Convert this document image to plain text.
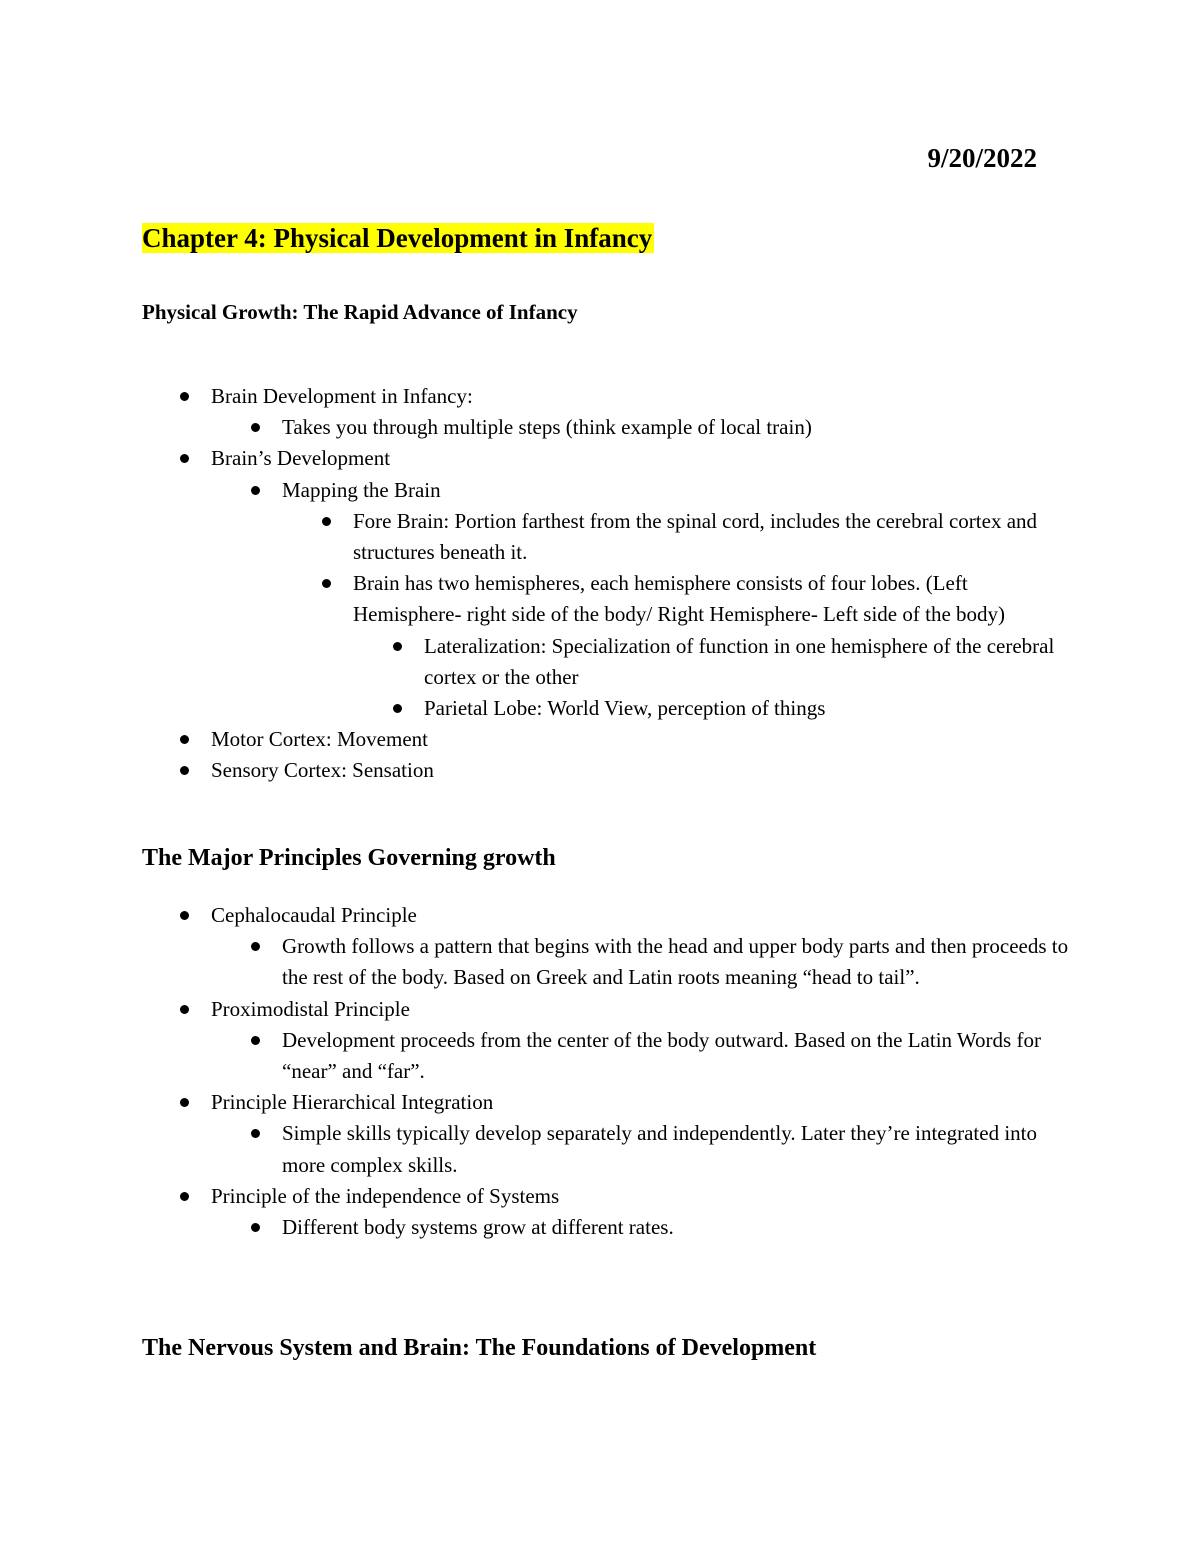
9/20/2022
Chapter 4: Physical Development in Infancy
Physical Growth: The Rapid Advance of Infancy
Brain Development in Infancy:
Takes you through multiple steps (think example of local train)
Brain’s Development
Mapping the Brain
Fore Brain: Portion farthest from the spinal cord, includes the cerebral cortex and structures beneath it.
Brain has two hemispheres, each hemisphere consists of four lobes. (Left Hemisphere- right side of the body/ Right Hemisphere- Left side of the body)
Lateralization: Specialization of function in one hemisphere of the cerebral cortex or the other
Parietal Lobe: World View, perception of things
Motor Cortex: Movement
Sensory Cortex: Sensation
The Major Principles Governing growth
Cephalocaudal Principle
Growth follows a pattern that begins with the head and upper body parts and then proceeds to the rest of the body. Based on Greek and Latin roots meaning “head to tail”.
Proximodistal Principle
Development proceeds from the center of the body outward. Based on the Latin Words for “near” and “far”.
Principle Hierarchical Integration
Simple skills typically develop separately and independently. Later they’re integrated into more complex skills.
Principle of the independence of Systems
Different body systems grow at different rates.
The Nervous System and Brain: The Foundations of Development
